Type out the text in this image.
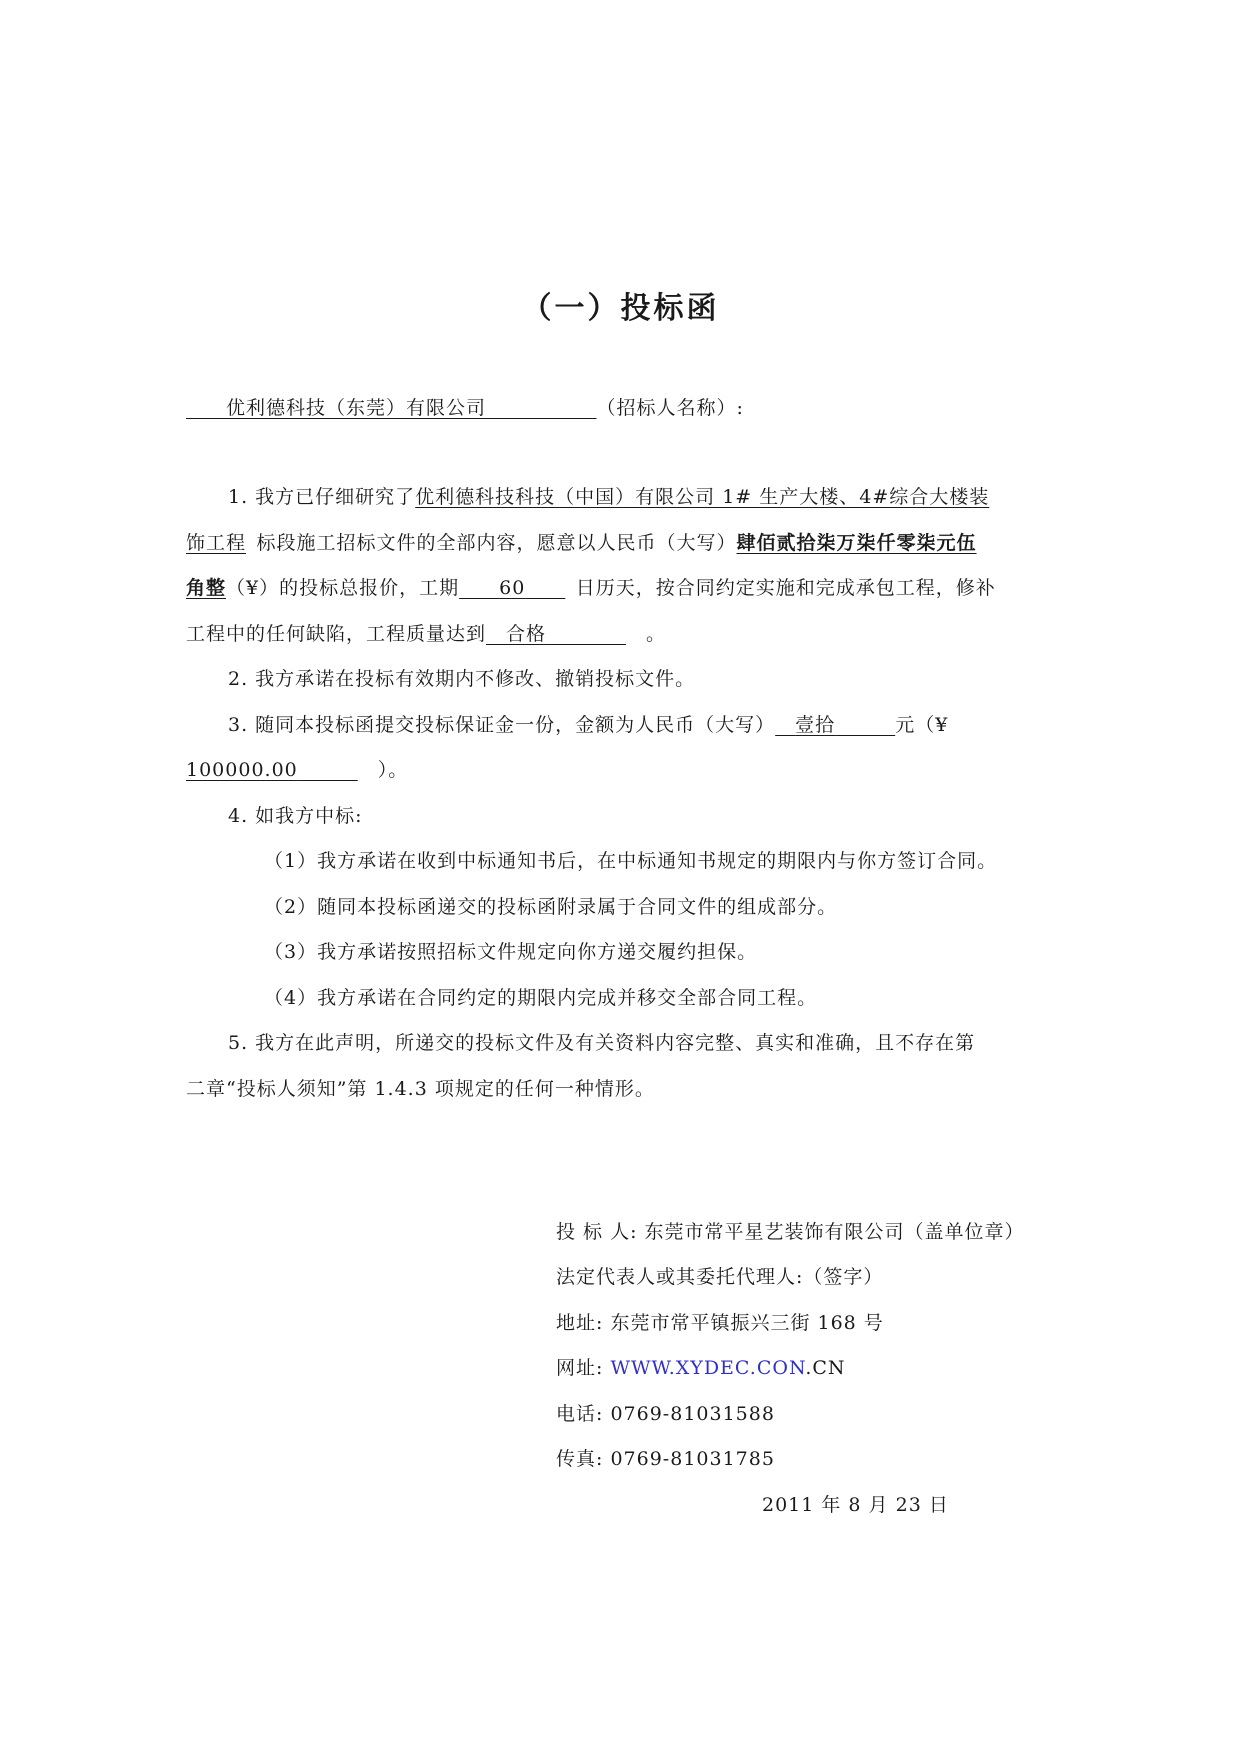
（一）投标函
  优利德科技（东莞）有限公司      	（招标人名称）:
1. 我方已仔细研究了优利德科技科技（中国）有限公司 1# 生产大楼、4#综合大楼装
饰工程  标段施工招标文件的全部内容，愿意以人民币（大写）肆佰贰拾柒万柒仟零柒元伍
角整（¥）的投标总报价，工期   60   	日历天，按合同约定实施和完成承包工程，修补
工程中的任何缺陷，工程质量达到  合格     	。
2. 我方承诺在投标有效期内不修改、撤销投标文件。
3. 随同本投标函提交投标保证金一份，金额为人民币（大写）  壹拾   	元（¥
100000.00    	）。
4. 如我方中标:
（1）我方承诺在收到中标通知书后，在中标通知书规定的期限内与你方签订合同。
（2）随同本投标函递交的投标函附录属于合同文件的组成部分。
（3）我方承诺按照招标文件规定向你方递交履约担保。
（4）我方承诺在合同约定的期限内完成并移交全部合同工程。
5. 我方在此声明，所递交的投标文件及有关资料内容完整、真实和准确，且不存在第
二章“投标人须知”第 1.4.3 项规定的任何一种情形。
投 标 人: 东莞市常平星艺装饰有限公司（盖单位章）
法定代表人或其委托代理人:（签字）
地址: 东莞市常平镇振兴三街 168 号
网址: WWW.XYDEC.CON.CN
电话: 0769-81031588
传真: 0769-81031785
2011 年 8 月 23 日
